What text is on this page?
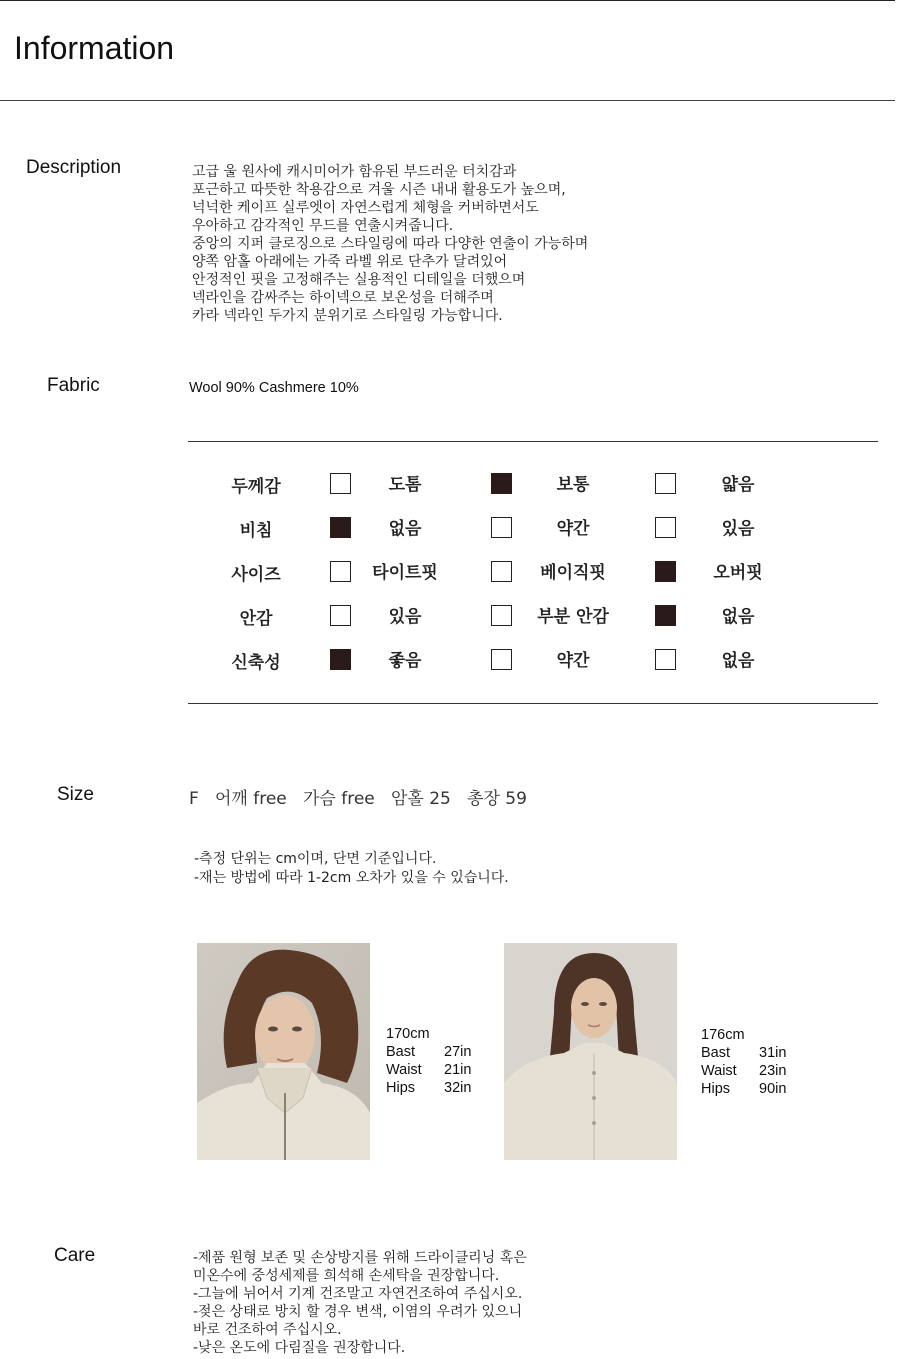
Information
Description	고급 울 원사에 캐시미어가 함유된 부드러운 터치감과
포근하고 따뜻한 착용감으로 겨울 시즌 내내 활용도가 높으며,
넉넉한 케이프 실루엣이 자연스럽게 체형을 커버하면서도
우아하고 감각적인 무드를 연출시켜줍니다.
중앙의 지퍼 클로징으로 스타일링에 따라 다양한 연출이 가능하며
양쪽 암홀 아래에는 가죽 라벨 위로 단추가 달려있어
안정적인 핏을 고정해주는 실용적인 디테일을 더했으며
넥라인을 감싸주는 하이넥으로 보온성을 더해주며
카라 넥라인 두가지 분위기로 스타일링 가능합니다.
Fabric	Wool 90% Cashmere 10%
두께감	도톰	보통	얇음
비침	없음	약간	있음
사이즈	타이트핏	베이직핏	오버핏
안감	있음	부분 안감	없음
신축성	좋음	약간	없음
Size	F   어깨 free   가슴 free   암홀 25   총장 59
-측정 단위는 cm이며, 단면 기준입니다.
-재는 방법에 따라 1-2cm 오차가 있을 수 있습니다.
170cm
Bast 27in
Waist 21in
Hips 32in
176cm
Bast 31in
Waist 23in
Hips 90in
Care	-제품 원형 보존 및 손상방지를 위해 드라이클리닝 혹은
미온수에 중성세제를 희석해 손세탁을 권장합니다.
-그늘에 뉘어서 기계 건조말고 자연건조하여 주십시오.
-젖은 상태로 방치 할 경우 변색, 이염의 우려가 있으니
바로 건조하여 주십시오.
-낮은 온도에 다림질을 권장합니다.
